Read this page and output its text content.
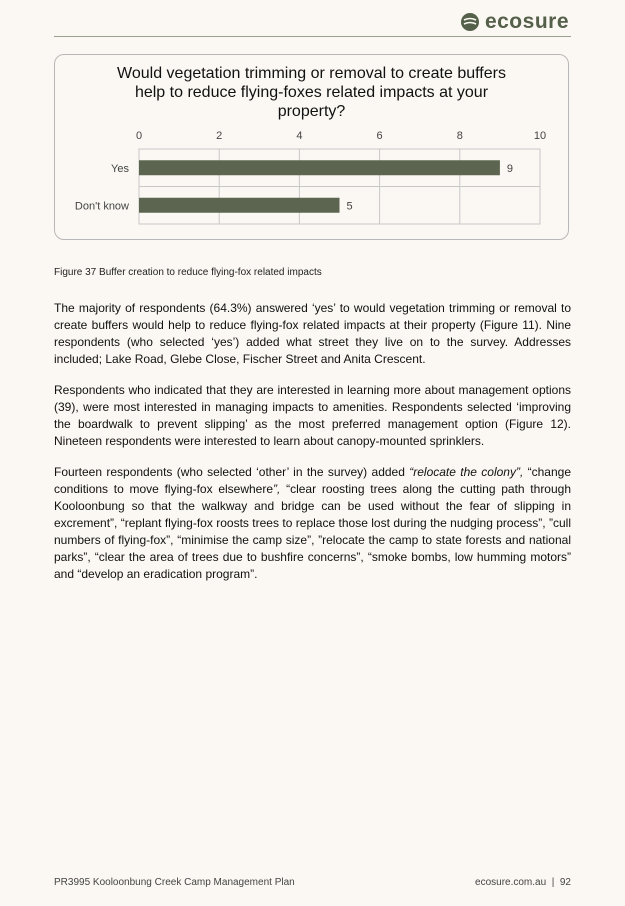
ecosure
Would vegetation trimming or removal to create buffers
help to reduce flying-foxes related impacts at your
property?
0	2	4	6	8	10
Yes	9
Don't know	5
Figure 37 Buffer creation to reduce flying-fox related impacts

The majority of respondents (64.3%) answered ‘yes’ to would vegetation trimming or removal to create buffers would help to reduce flying-fox related impacts at their property (Figure 11). Nine respondents (who selected ‘yes’) added what street they live on to the survey. Addresses included; Lake Road, Glebe Close, Fischer Street and Anita Crescent.

Respondents who indicated that they are interested in learning more about management options (39), were most interested in managing impacts to amenities. Respondents selected ‘improving the boardwalk to prevent slipping’ as the most preferred management option (Figure 12). Nineteen respondents were interested to learn about canopy-mounted sprinklers.

Fourteen respondents (who selected ‘other’ in the survey) added “relocate the colony”, “change conditions to move flying-fox elsewhere”, “clear roosting trees along the cutting path through Kooloonbung so that the walkway and bridge can be used without the fear of slipping in excrement”, “replant flying-fox roosts trees to replace those lost during the nudging process”, ”cull numbers of flying-fox”, “minimise the camp size”, ”relocate the camp to state forests and national parks”, “clear the area of trees due to bushfire concerns”, “smoke bombs, low humming motors” and “develop an eradication program”.

PR3995 Kooloonbung Creek Camp Management Plan	ecosure.com.au  |  92
